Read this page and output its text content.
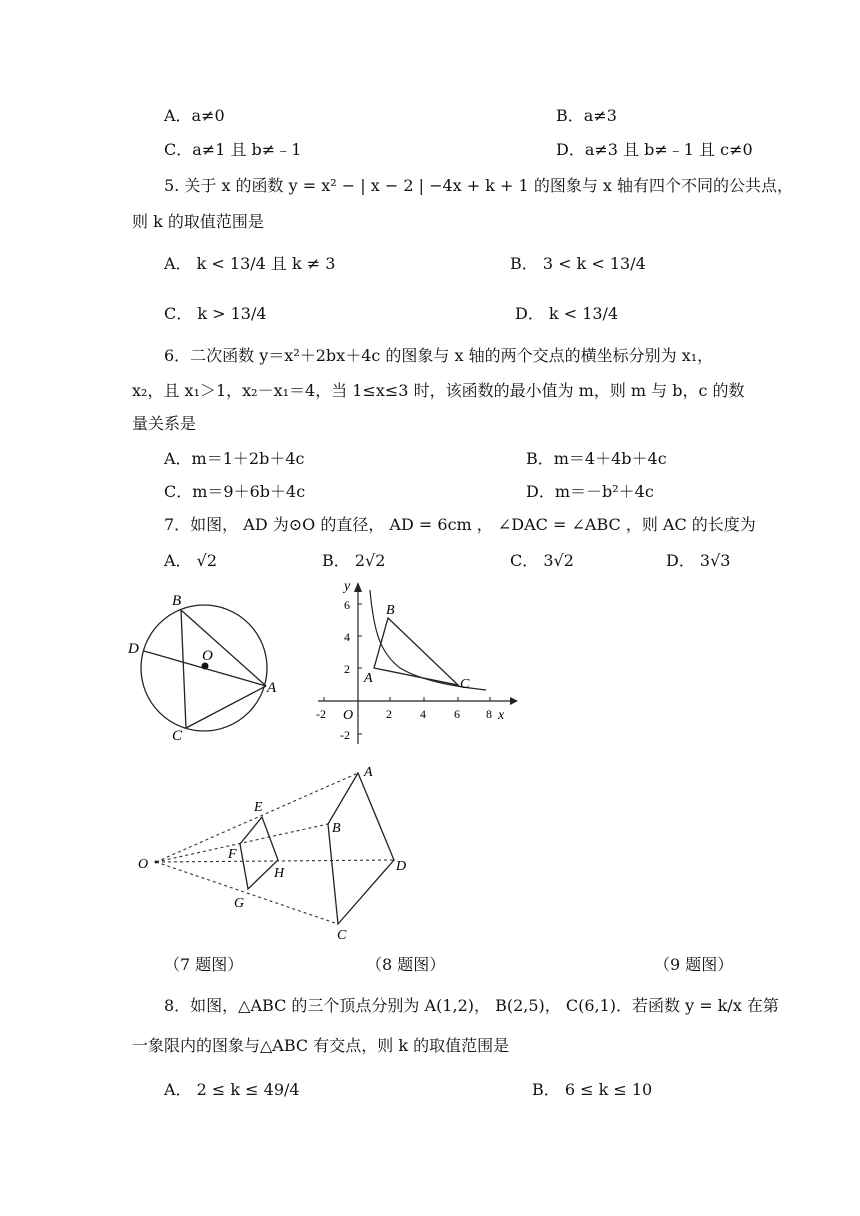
A．a≠0	B．a≠3
C．a≠1 且 b≠﹣1	D．a≠3 且 b≠﹣1 且 c≠0
5. 关于 x 的函数 y = x² − | x − 2 | −4x + k + 1 的图象与 x 轴有四个不同的公共点，
则 k 的取值范围是
A． k < 13/4 且 k ≠ 3	B． 3 < k < 13/4
C． k > 13/4	D． k < 13/4
6．二次函数 y＝x²＋2bx＋4c 的图象与 x 轴的两个交点的横坐标分别为 x₁，
x₂，且 x₁＞1，x₂－x₁＝4，当 1≤x≤3 时，该函数的最小值为 m，则 m 与 b，c 的数
量关系是
A．m＝1＋2b＋4c	B．m＝4＋4b＋4c
C．m＝9＋6b＋4c	D．m＝－b²＋4c
7．如图， AD 为⊙O 的直径， AD = 6cm ， ∠DAC = ∠ABC ，则 AC 的长度为
A． √2	B． 2√2	C． 3√2	D． 3√3
B
D	O
A
C
y
x
O
B
A	C
6
4
2
-2
-2	2 4 6 8
A
B
D
C
E
F
H
G
O
（7 题图）	（8 题图）	（9 题图）
8．如图，△ABC 的三个顶点分别为 A(1,2)， B(2,5)， C(6,1)．若函数 y = k/x 在第
一象限内的图象与△ABC 有交点，则 k 的取值范围是
A． 2 ≤ k ≤ 49/4	B． 6 ≤ k ≤ 10
